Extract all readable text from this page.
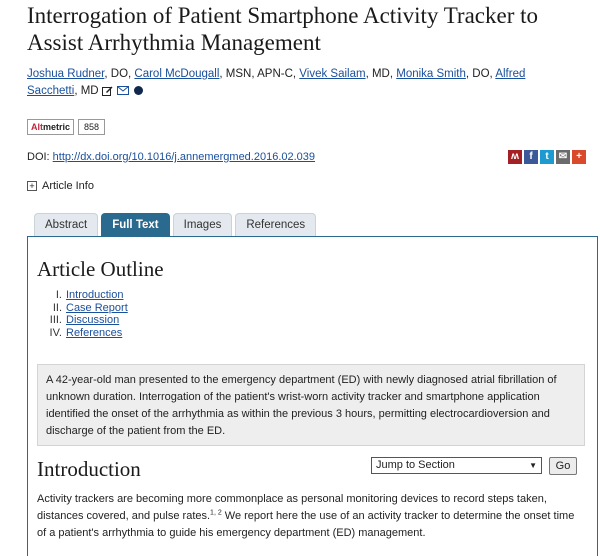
Interrogation of Patient Smartphone Activity Tracker to Assist Arrhythmia Management
Joshua Rudner, DO, Carol McDougall, MSN, APN-C, Vivek Sailam, MD, Monika Smith, DO, Alfred Sacchetti, MD
Altmetric	858
DOI: http://dx.doi.org/10.1016/j.annemergmed.2016.02.039	ʍ f t ✉ +
+ Article Info
Abstract	Full Text	Images	References
Article Outline
I. Introduction
II. Case Report
III. Discussion
IV. References
A 42-year-old man presented to the emergency department (ED) with newly diagnosed atrial fibrillation of unknown duration. Interrogation of the patient's wrist-worn activity tracker and smartphone application identified the onset of the arrhythmia as within the previous 3 hours, permitting electrocardioversion and discharge of the patient from the ED.
Introduction	Jump to Section	▼	Go

Activity trackers are becoming more commonplace as personal monitoring devices to record steps taken, distances covered, and pulse rates.$^{1, 2}$ We report here the use of an activity tracker to determine the onset time of a patient's arrhythmia to guide his emergency department (ED) management.
